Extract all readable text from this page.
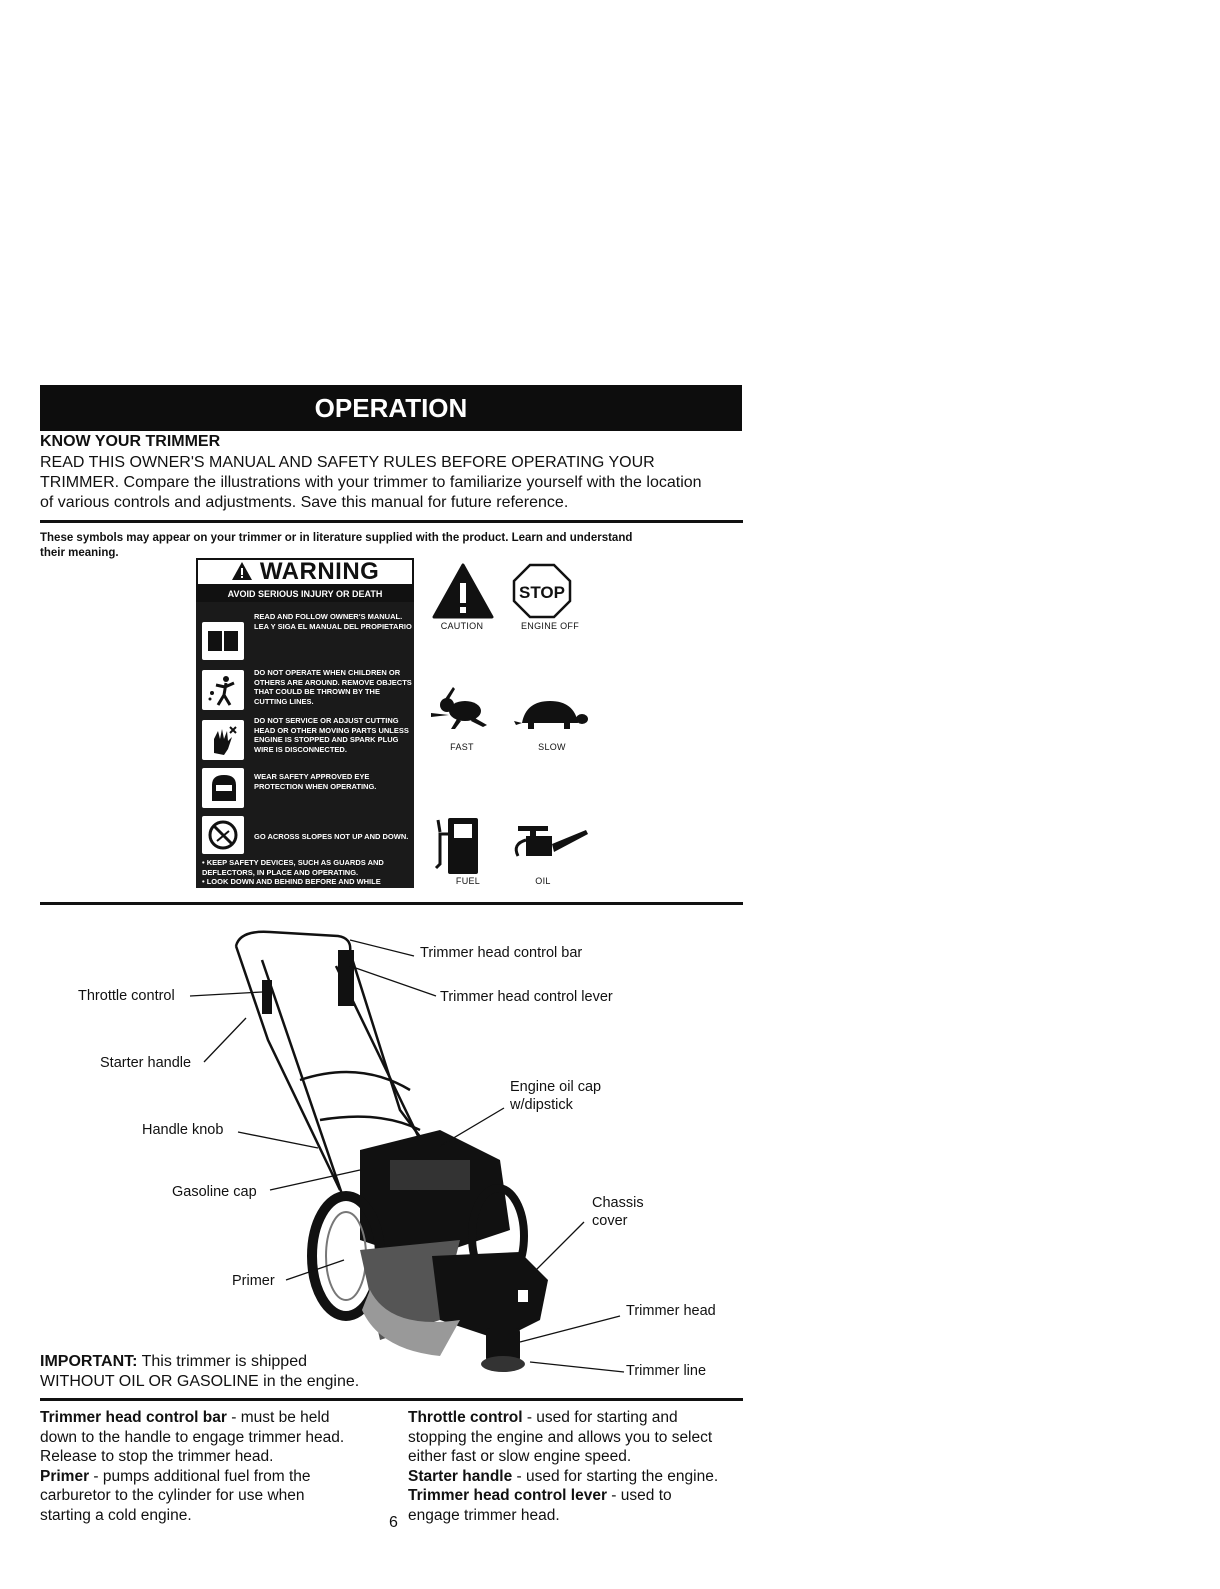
OPERATION
KNOW YOUR TRIMMER
READ THIS OWNER'S MANUAL AND SAFETY RULES BEFORE OPERATING YOUR
TRIMMER. Compare the illustrations with your trimmer to familiarize yourself with the location
of various controls and adjustments. Save this manual for future reference.
These symbols may appear on your trimmer or in literature supplied with the product. Learn and understand
their meaning.
WARNING
AVOID SERIOUS INJURY OR DEATH
READ AND FOLLOW OWNER'S MANUAL. LEA Y SIGA EL MANUAL DEL PROPIETARIO
DO NOT OPERATE WHEN CHILDREN OR OTHERS ARE AROUND. REMOVE OBJECTS THAT COULD BE THROWN BY THE CUTTING LINES.
DO NOT SERVICE OR ADJUST CUTTING HEAD OR OTHER MOVING PARTS UNLESS ENGINE IS STOPPED AND SPARK PLUG WIRE IS DISCONNECTED.
WEAR SAFETY APPROVED EYE PROTECTION WHEN OPERATING.
GO ACROSS SLOPES NOT UP AND DOWN.
• KEEP SAFETY DEVICES, SUCH AS GUARDS AND DEFLECTORS, IN PLACE AND OPERATING.
• LOOK DOWN AND BEHIND BEFORE AND WHILE MOVING BACKWARDS.
CAUTION
STOP
ENGINE OFF
FAST	SLOW
FUEL	OIL
Trimmer head control bar
Throttle control	Trimmer head control lever
Starter handle
Engine oil cap
w/dipstick
Handle knob
Gasoline cap
Chassis
cover
Primer
Trimmer head
Trimmer line
IMPORTANT: This trimmer is shipped
WITHOUT OIL OR GASOLINE in the engine.
Trimmer head control bar - must be held
down to the handle to engage trimmer head.
Release to stop the trimmer head.
Primer - pumps additional fuel from the
carburetor to the cylinder for use when
starting a cold engine.
Throttle control - used for starting and
stopping the engine and allows you to select
either fast or slow engine speed.
Starter handle - used for starting the engine.
Trimmer head control lever - used to
engage trimmer head.
6
